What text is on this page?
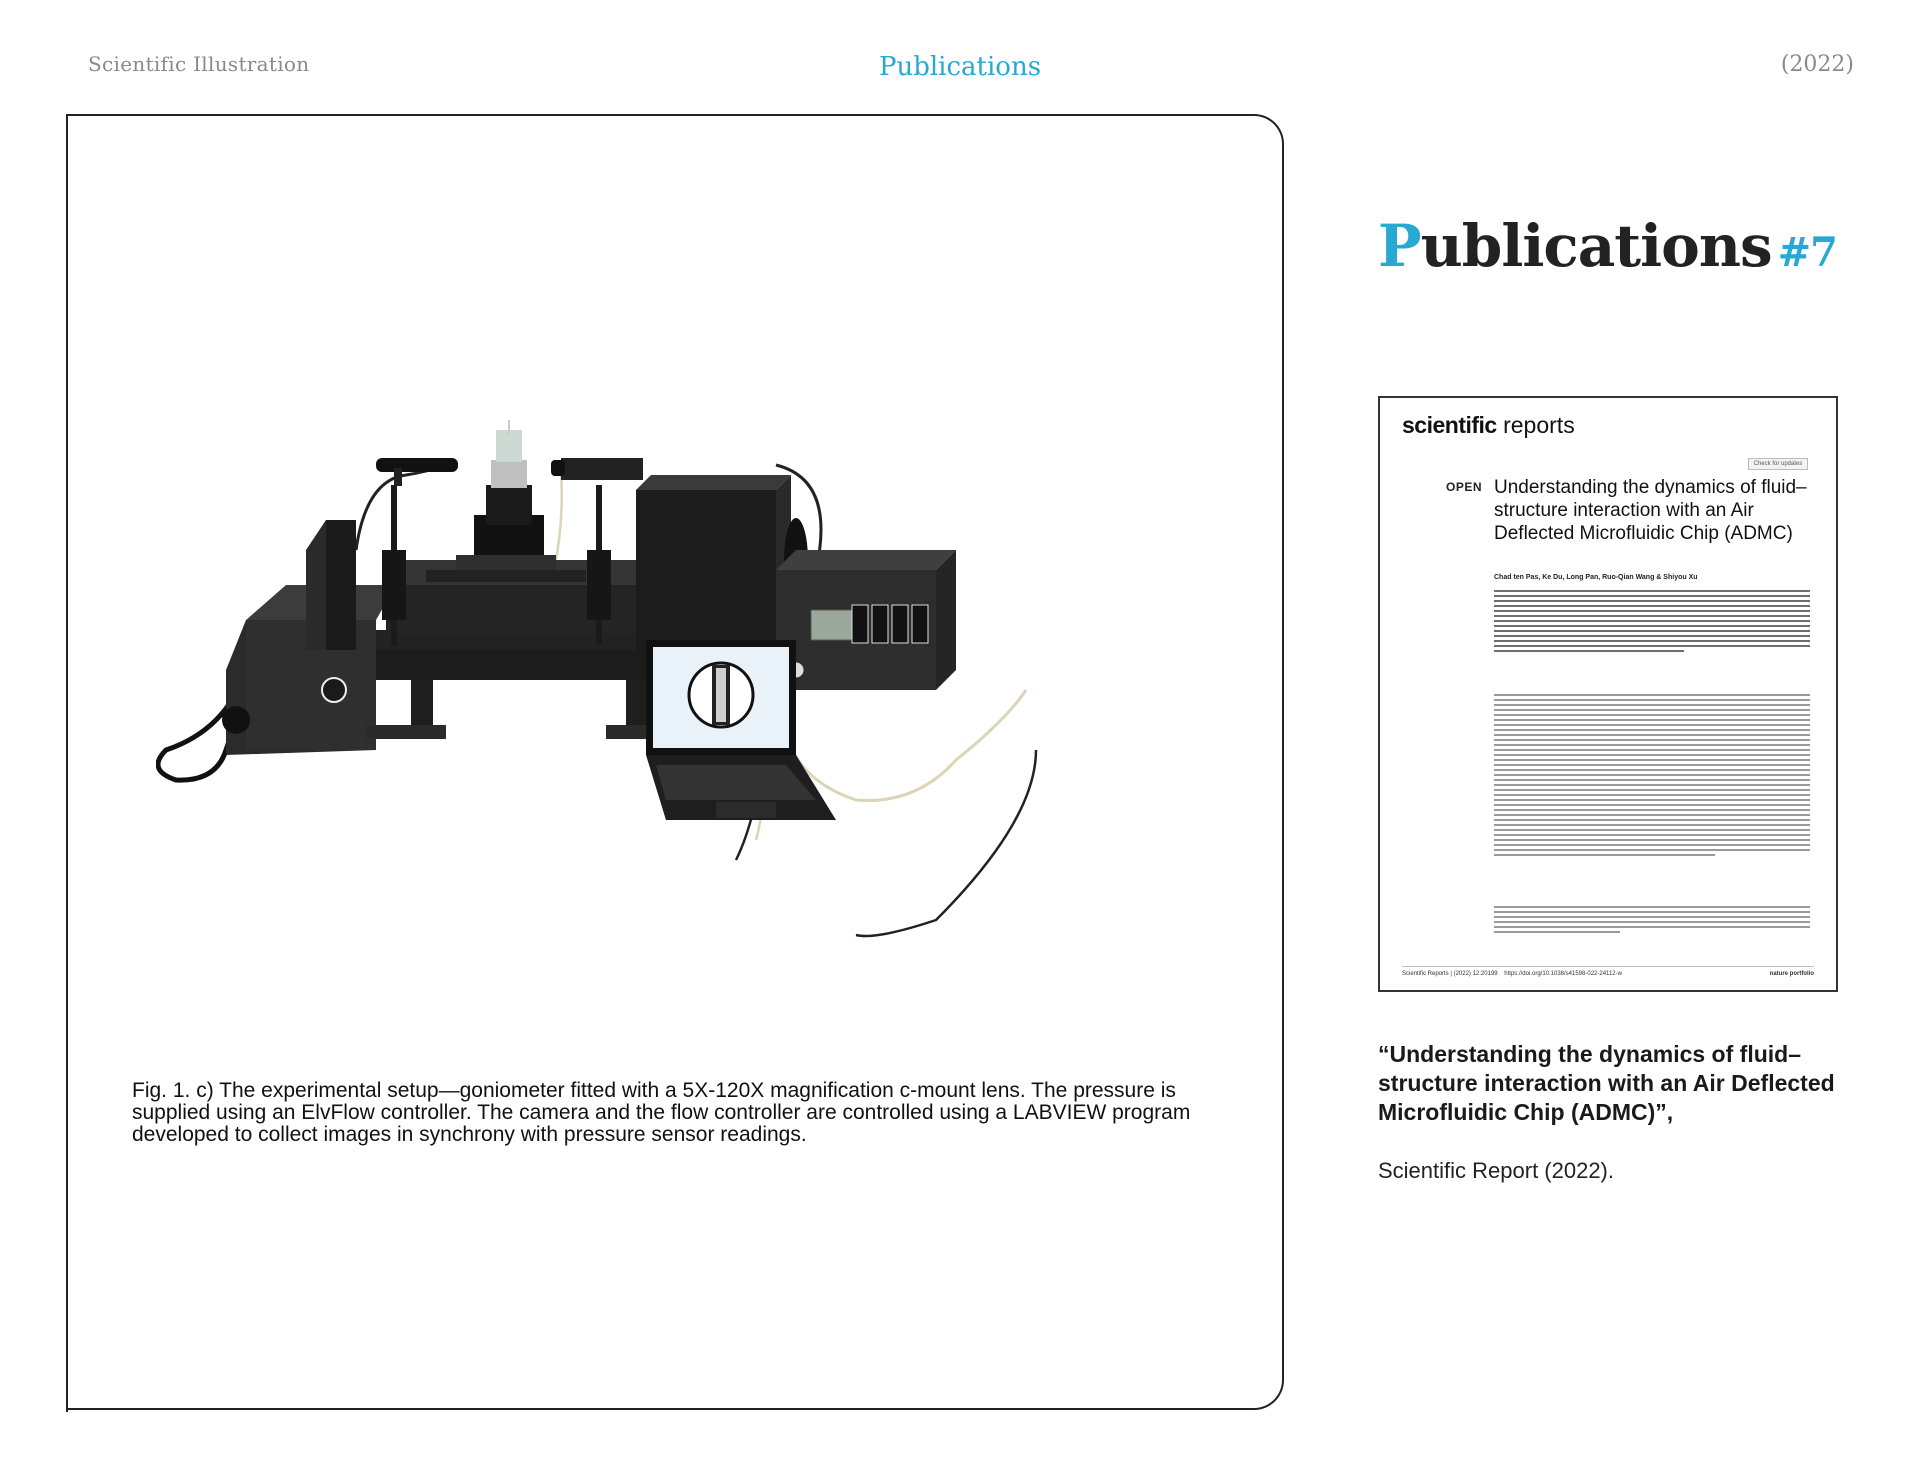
Scientific Illustration	Publications	(2022)
Fig. 1. c) The experimental setup—goniometer fitted with a 5X-120X magnification c-mount lens. The pressure is supplied using an ElvFlow controller. The camera and the flow controller are controlled using a LABVIEW program developed to collect images in synchrony with pressure sensor readings.
Publications #7
scientific reports
Check for updates
OPEN Understanding the dynamics of fluid–structure interaction with an Air Deflected Microfluidic Chip (ADMC)
Chad ten Pas, Ke Du, Long Pan, Ruo-Qian Wang & Shiyou Xu
Scientific Reports | (2022) 12:20199 https://doi.org/10.1038/s41598-022-24112-w	nature portfolio
“Understanding the dynamics of fluid–structure interaction with an Air Deflected Microfluidic Chip (ADMC)”,
Scientific Report (2022).
